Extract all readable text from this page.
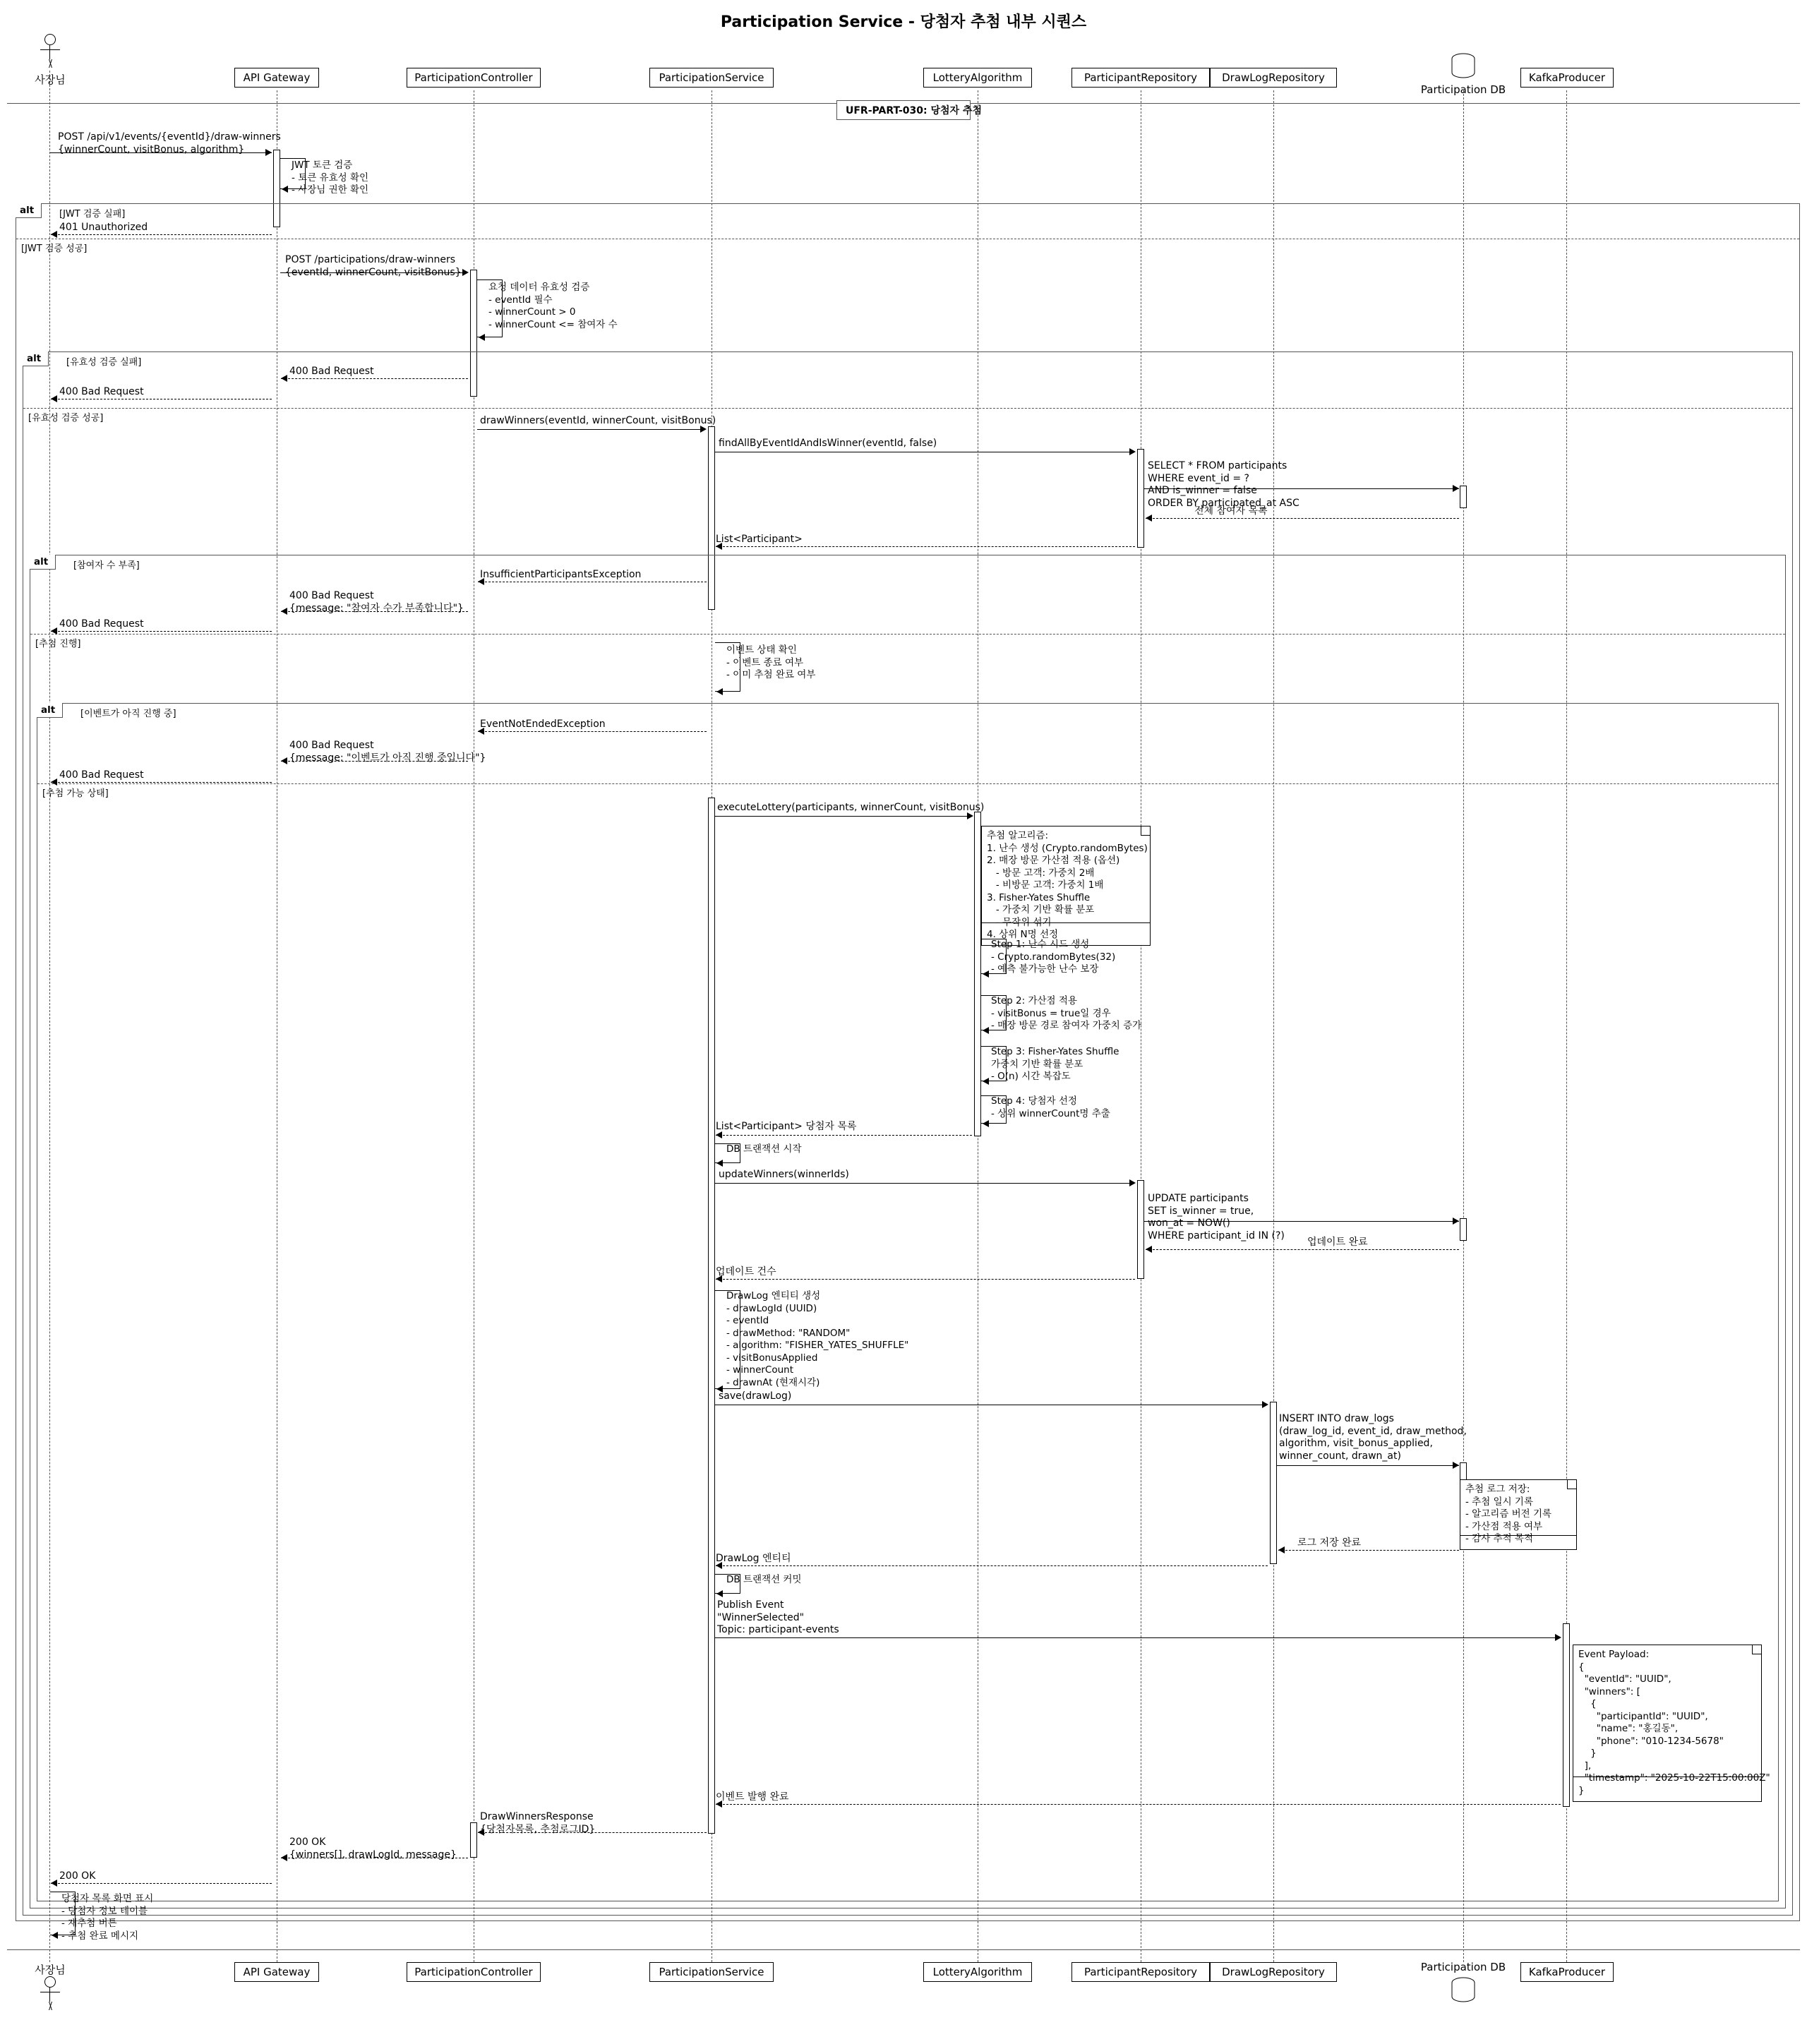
Participation Service - 당첨자 추첨 내부 시퀀스
사장님	API Gateway	ParticipationController	ParticipationService	LotteryAlgorithm	ParticipantRepository	DrawLogRepository
Participation DB
KafkaProducer
API Gateway	ParticipationController	ParticipationService	LotteryAlgorithm	ParticipantRepository	DrawLogRepository	Participation DB	KafkaProducer
사장님
UFR-PART-030: 당첨자 추첨
alt	[JWT 검증 실패]
[JWT 검증 성공]
alt	[유효성 검증 실패]
[유효성 검증 성공]
alt	[참여자 수 부족]
[추첨 진행]
alt	[이벤트가 아직 진행 중]
[추첨 가능 상태]
POST /api/v1/events/{eventId}/draw-winners
{winnerCount, visitBonus, algorithm}
JWT 토큰 검증
- 토큰 유효성 확인
- 사장님 권한 확인
401 Unauthorized
POST /participations/draw-winners
{eventId, winnerCount, visitBonus}
요청 데이터 유효성 검증
- eventId 필수
- winnerCount > 0
- winnerCount <= 참여자 수
400 Bad Request
400 Bad Request
drawWinners(eventId, winnerCount, visitBonus)
findAllByEventIdAndIsWinner(eventId, false)
SELECT * FROM participants
WHERE event_id = ?
AND is_winner = false
ORDER BY participated_at ASC
전체 참여자 목록
List<Participant>
InsufficientParticipantsException
400 Bad Request
{message: "참여자 수가 부족합니다"}
400 Bad Request
이벤트 상태 확인
- 이벤트 종료 여부
- 이미 추첨 완료 여부
EventNotEndedException
400 Bad Request
{message: "이벤트가 아직 진행 중입니다"}
400 Bad Request
executeLottery(participants, winnerCount, visitBonus)
추첨 알고리즘:
1. 난수 생성 (Crypto.randomBytes)
2. 매장 방문 가산점 적용 (옵션)
- 방문 고객: 가중치 2배
- 비방문 고객: 가중치 1배
3. Fisher-Yates Shuffle
- 가중치 기반 확률 분포
- 무작위 섞기
4. 상위 N명 선정

Step 1: 난수 시드 생성
- Crypto.randomBytes(32)
- 예측 불가능한 난수 보장
Step 2: 가산점 적용
- visitBonus = true일 경우
- 매장 방문 경로 참여자 가중치 증가
Step 3: Fisher-Yates Shuffle
가중치 기반 확률 분포
- O(n) 시간 복잡도
Step 4: 당첨자 선정
- 상위 winnerCount명 추출
List<Participant> 당첨자 목록
DB 트랜잭션 시작
updateWinners(winnerIds)
UPDATE participants
SET is_winner = true,
won_at = NOW()
WHERE participant_id IN (?)
업데이트 완료
업데이트 건수
DrawLog 엔티티 생성
- drawLogId (UUID)
- eventId
- drawMethod: "RANDOM"
- algorithm: "FISHER_YATES_SHUFFLE"
- visitBonusApplied
- winnerCount
- drawnAt (현재시각)
save(drawLog)
INSERT INTO draw_logs
(draw_log_id, event_id, draw_method,
algorithm, visit_bonus_applied,
winner_count, drawn_at)
추첨 로그 저장:
- 추첨 일시 기록
- 알고리즘 버전 기록
- 가산점 적용 여부
- 감사 추적 목적

로그 저장 완료
DrawLog 엔티티
DB 트랜잭션 커밋
Publish Event
"WinnerSelected"
Topic: participant-events
Event Payload:
{
"eventId": "UUID",
"winners": [
{
"participantId": "UUID",
"name": "홍길동",
"phone": "010-1234-5678"
}
],
"timestamp": "2025-10-22T15:00:00Z"
}

이벤트 발행 완료
DrawWinnersResponse
{당첨자목록, 추첨로그ID}
200 OK
{winners[], drawLogId, message}
200 OK
당첨자 목록 화면 표시
- 당첨자 정보 테이블
- 재추첨 버튼
- 추첨 완료 메시지
